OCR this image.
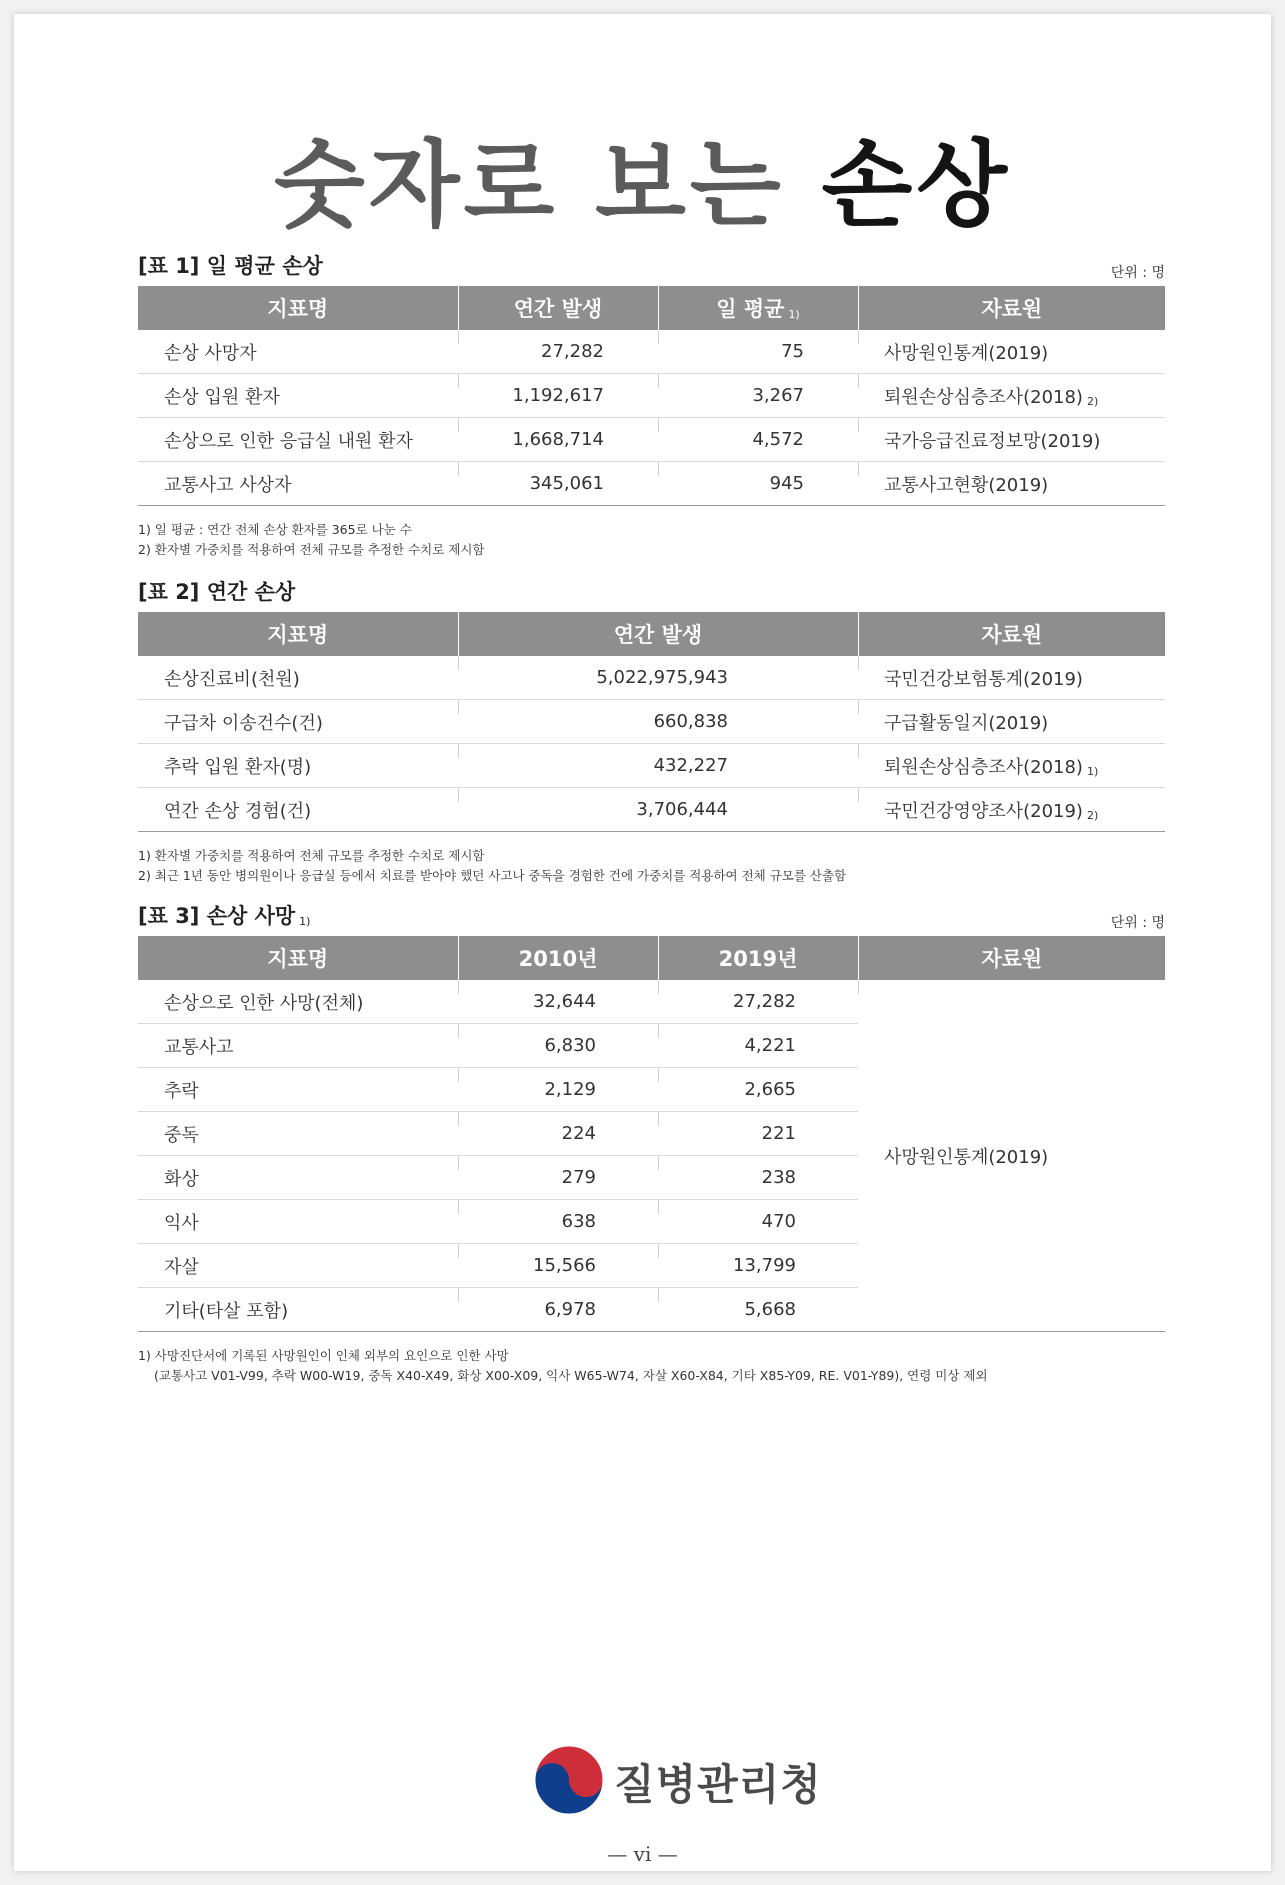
숫자로 보는 손상
[표 1] 일 평균 손상	단위 : 명
지표명	연간 발생	일 평균 1)	자료원
손상 사망자	27,282	75	사망원인통계(2019)
손상 입원 환자	1,192,617	3,267	퇴원손상심층조사(2018) 2)
손상으로 인한 응급실 내원 환자	1,668,714	4,572	국가응급진료정보망(2019)
교통사고 사상자	345,061	945	교통사고현황(2019)
1) 일 평균 : 연간 전체 손상 환자를 365로 나눈 수
2) 환자별 가중치를 적용하여 전체 규모를 추정한 수치로 제시함
[표 2] 연간 손상
지표명	연간 발생	자료원
손상진료비(천원)	5,022,975,943	국민건강보험통계(2019)
구급차 이송건수(건)	660,838	구급활동일지(2019)
추락 입원 환자(명)	432,227	퇴원손상심층조사(2018) 1)
연간 손상 경험(건)	3,706,444	국민건강영양조사(2019) 2)
1) 환자별 가중치를 적용하여 전체 규모를 추정한 수치로 제시함
2) 최근 1년 동안 병의원이나 응급실 등에서 치료를 받아야 했던 사고나 중독을 경험한 건에 가중치를 적용하여 전체 규모를 산출함
[표 3] 손상 사망 1)	단위 : 명
지표명	2010년	2019년	자료원
손상으로 인한 사망(전체)	32,644	27,282	사망원인통계(2019)
교통사고	6,830	4,221	
추락	2,129	2,665	
중독	224	221	
화상	279	238	
익사	638	470	
자살	15,566	13,799	
기타(타살 포함)	6,978	5,668	
1) 사망진단서에 기록된 사망원인이 인체 외부의 요인으로 인한 사망
(교통사고 V01-V99, 추락 W00-W19, 중독 X40-X49, 화상 X00-X09, 익사 W65-W74, 자살 X60-X84, 기타 X85-Y09, RE. V01-Y89), 연령 미상 제외
질병관리청
— vi —
